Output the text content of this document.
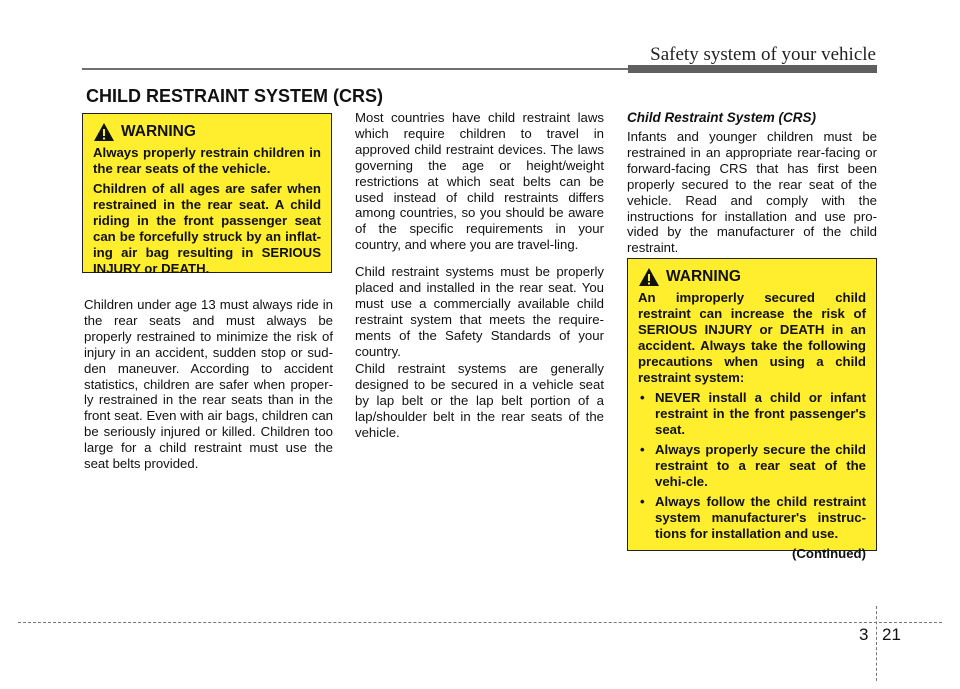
Safety system of your vehicle
CHILD RESTRAINT SYSTEM (CRS)
WARNING

Always properly restrain children in the rear seats of the vehicle.

Children of all ages are safer when restrained in the rear seat. A child riding in the front passenger seat can be forcefully struck by an inflat-ing air bag resulting in SERIOUS INJURY or DEATH.

Children under age 13 must always ride in the rear seats and must always be properly restrained to minimize the risk of injury in an accident, sudden stop or sud-den maneuver. According to accident statistics, children are safer when proper-ly restrained in the rear seats than in the front seat. Even with air bags, children can be seriously injured or killed. Children too large for a child restraint must use the seat belts provided.

Most countries have child restraint laws which require children to travel in approved child restraint devices. The laws governing the age or height/weight restrictions at which seat belts can be used instead of child restraints differs among countries, so you should be aware of the specific requirements in your country, and where you are travel-ling.

Child restraint systems must be properly placed and installed in the rear seat. You must use a commercially available child restraint system that meets the require-ments of the Safety Standards of your country.

Child restraint systems are generally designed to be secured in a vehicle seat by lap belt or the lap belt portion of a lap/shoulder belt in the rear seats of the vehicle.

Child Restraint System (CRS)

Infants and younger children must be restrained in an appropriate rear-facing or forward-facing CRS that has first been properly secured to the rear seat of the vehicle. Read and comply with the instructions for installation and use pro-vided by the manufacturer of the child restraint.

WARNING

An improperly secured child restraint can increase the risk of SERIOUS INJURY or DEATH in an accident. Always take the following precautions when using a child restraint system:

• NEVER install a child or infant restraint in the front passenger's seat.
• Always properly secure the child restraint to a rear seat of the vehi-cle.
• Always follow the child restraint system manufacturer's instruc-tions for installation and use.
(Continued)
3 21
